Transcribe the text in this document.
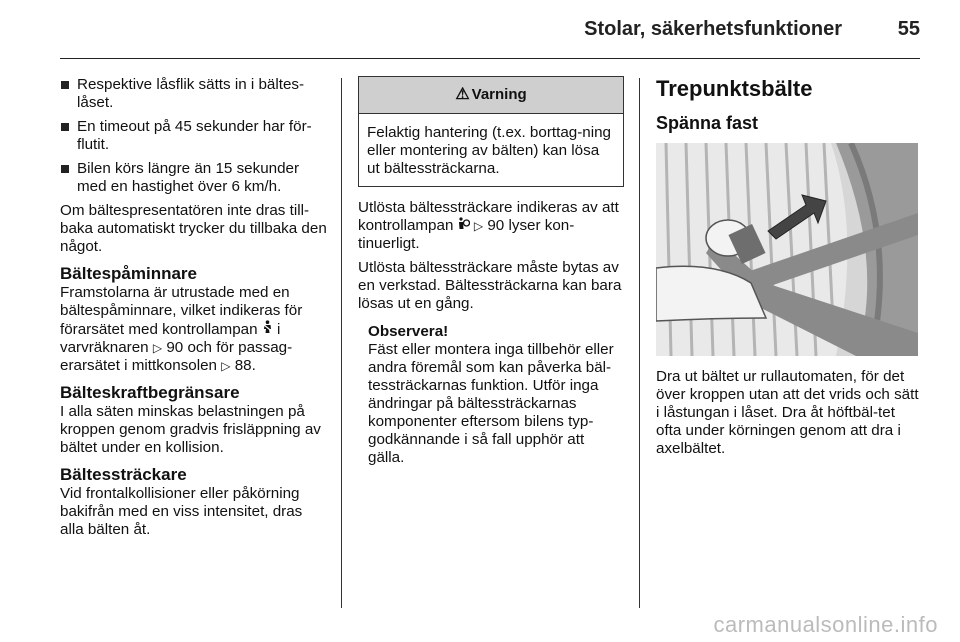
Stolar, säkerhetsfunktioner	55
Respektive låsflik sätts in i bältes-låset.
En timeout på 45 sekunder har för-flutit.
Bilen körs längre än 15 sekunder med en hastighet över 6 km/h.

Om bältespresentatören inte dras till-baka automatiskt trycker du tillbaka den något.

Bältespåminnare

Framstolarna är utrustade med en bältespåminnare, vilket indikeras för förarsätet med kontrollampan i varvräknaren ▷ 90 och för passag-erarsätet i mittkonsolen ▷ 88.

Bälteskraftbegränsare

I alla säten minskas belastningen på kroppen genom gradvis frisläppning av bältet under en kollision.

Bältessträckare

Vid frontalkollisioner eller påkörning bakifrån med en viss intensitet, dras alla bälten åt.

⚠ Varning
Felaktig hantering (t.ex. borttag-ning eller montering av bälten) kan lösa ut bältessträckarna.

Utlösta bältessträckare indikeras av att kontrollampan ▷ 90 lyser kon-tinuerligt.

Utlösta bältessträckare måste bytas av en verkstad. Bältessträckarna kan bara lösas ut en gång.

Observera!
Fäst eller montera inga tillbehör eller andra föremål som kan påverka bäl-tessträckarnas funktion. Utför inga ändringar på bältessträckarnas komponenter eftersom bilens typ-godkännande i så fall upphör att gälla.
Trepunktsbälte
Spänna fast

Dra ut bältet ur rullautomaten, för det över kroppen utan att det vrids och sätt i låstungan i låset. Dra åt höftbäl-tet ofta under körningen genom att dra i axelbältet.

carmanualsonline.info
